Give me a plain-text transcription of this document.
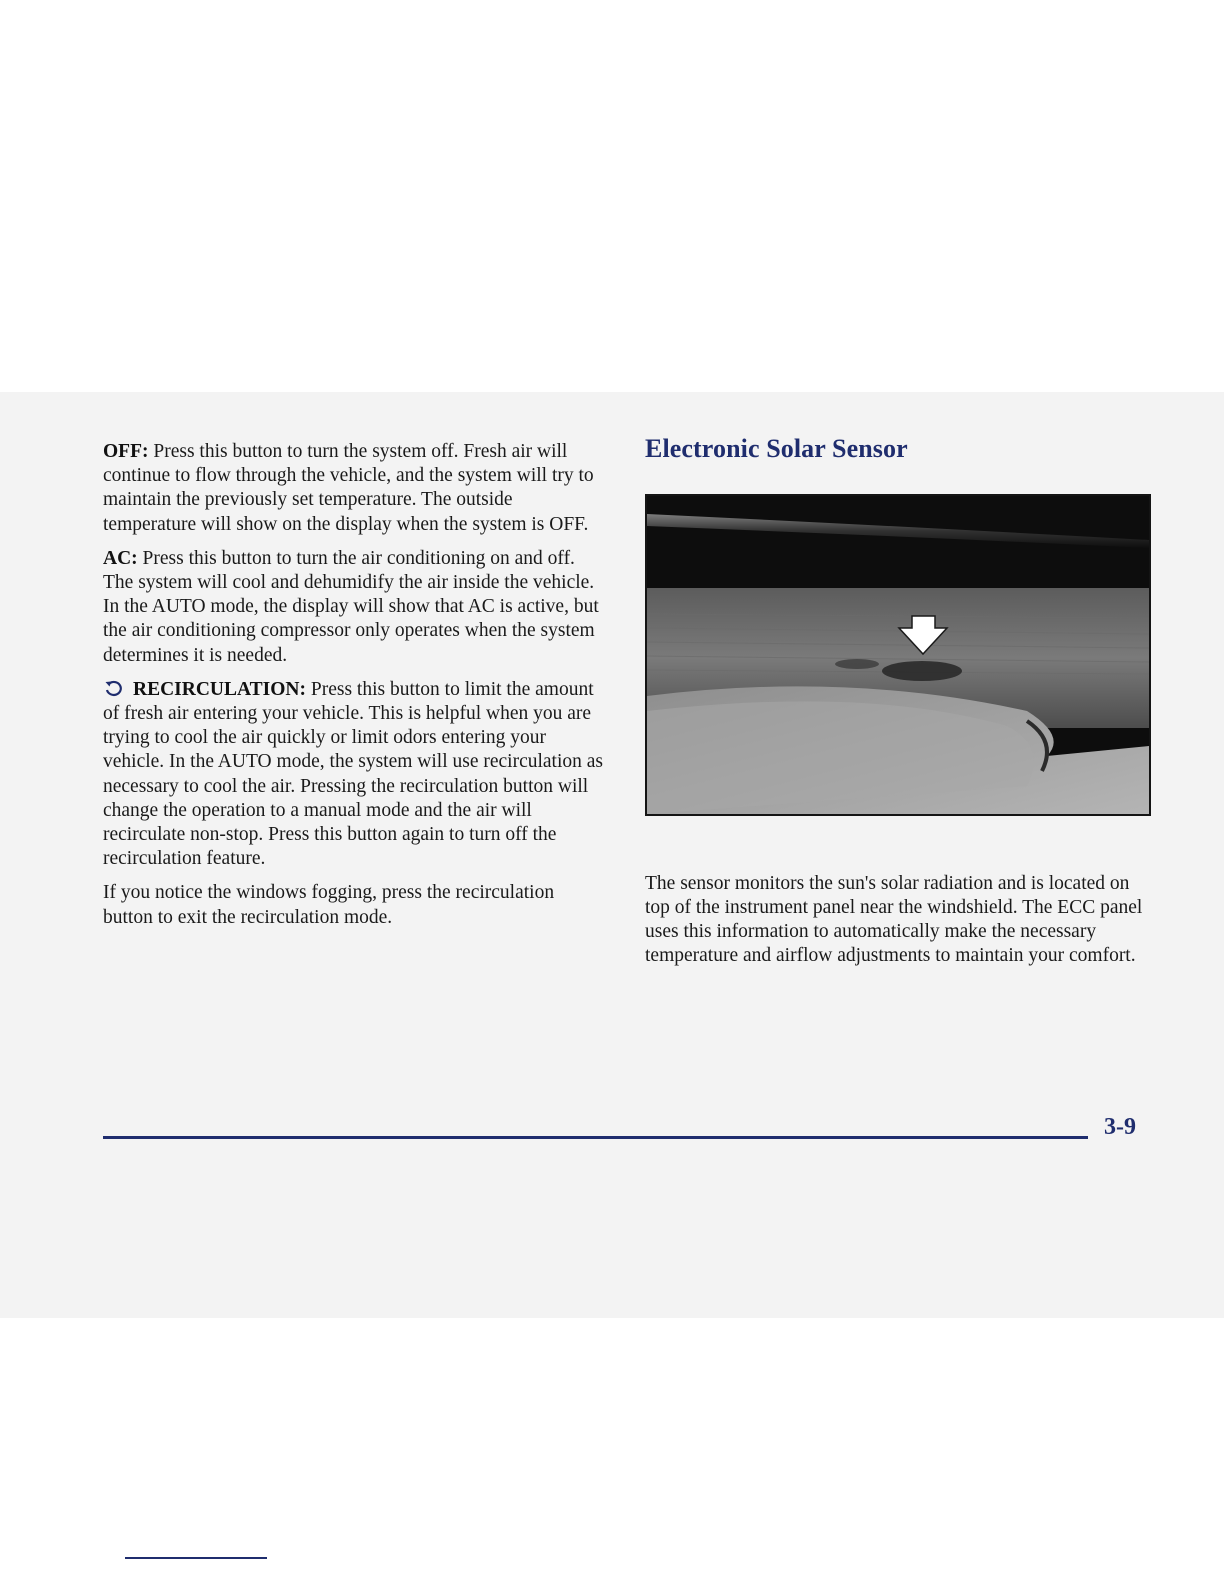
OFF: Press this button to turn the system off. Fresh air will continue to flow through the vehicle, and the system will try to maintain the previously set temperature. The outside temperature will show on the display when the system is OFF.

AC: Press this button to turn the air conditioning on and off. The system will cool and dehumidify the air inside the vehicle. In the AUTO mode, the display will show that AC is active, but the air conditioning compressor only operates when the system determines it is needed.

RECIRCULATION: Press this button to limit the amount of fresh air entering your vehicle. This is helpful when you are trying to cool the air quickly or limit odors entering your vehicle. In the AUTO mode, the system will use recirculation as necessary to cool the air. Pressing the recirculation button will change the operation to a manual mode and the air will recirculate non-stop. Press this button again to turn off the recirculation feature.

If you notice the windows fogging, press the recirculation button to exit the recirculation mode.

Electronic Solar Sensor

The sensor monitors the sun's solar radiation and is located on top of the instrument panel near the windshield. The ECC panel uses this information to automatically make the necessary temperature and airflow adjustments to maintain your comfort.

3-9
